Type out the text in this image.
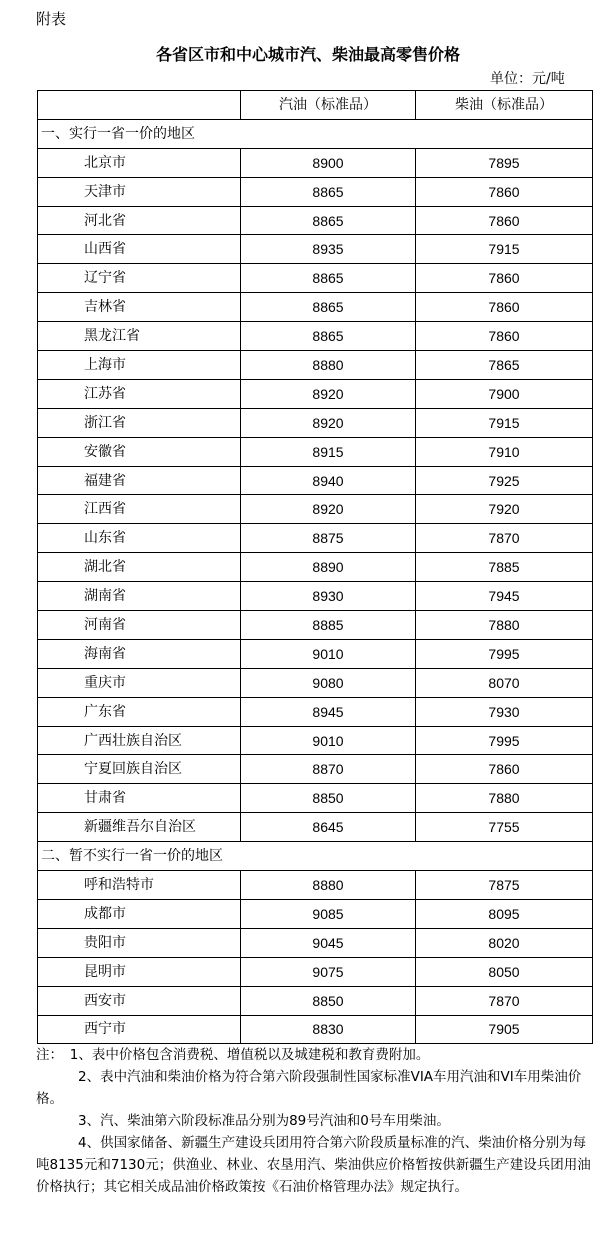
附表
各省区市和中心城市汽、柴油最高零售价格
单位：元/吨
	汽油（标准品）	柴油（标准品）
一、实行一省一价的地区		
北京市	8900	7895
天津市	8865	7860
河北省	8865	7860
山西省	8935	7915
辽宁省	8865	7860
吉林省	8865	7860
黑龙江省	8865	7860
上海市	8880	7865
江苏省	8920	7900
浙江省	8920	7915
安徽省	8915	7910
福建省	8940	7925
江西省	8920	7920
山东省	8875	7870
湖北省	8890	7885
湖南省	8930	7945
河南省	8885	7880
海南省	9010	7995
重庆市	9080	8070
广东省	8945	7930
广西壮族自治区	9010	7995
宁夏回族自治区	8870	7860
甘肃省	8850	7880
新疆维吾尔自治区	8645	7755
二、暂不实行一省一价的地区		
呼和浩特市	8880	7875
成都市	9085	8095
贵阳市	9045	8020
昆明市	9075	8050
西安市	8850	7870
西宁市	8830	7905

注：　1、表中价格包含消费税、增值税以及城建税和教育费附加。

2、表中汽油和柴油价格为符合第六阶段强制性国家标准VIA车用汽油和VI车用柴油价格。

3、汽、柴油第六阶段标准品分别为89号汽油和0号车用柴油。

4、供国家储备、新疆生产建设兵团用符合第六阶段质量标准的汽、柴油价格分别为每吨8135元和7130元；供渔业、林业、农垦用汽、柴油供应价格暂按供新疆生产建设兵团用油价格执行；其它相关成品油价格政策按《石油价格管理办法》规定执行。
